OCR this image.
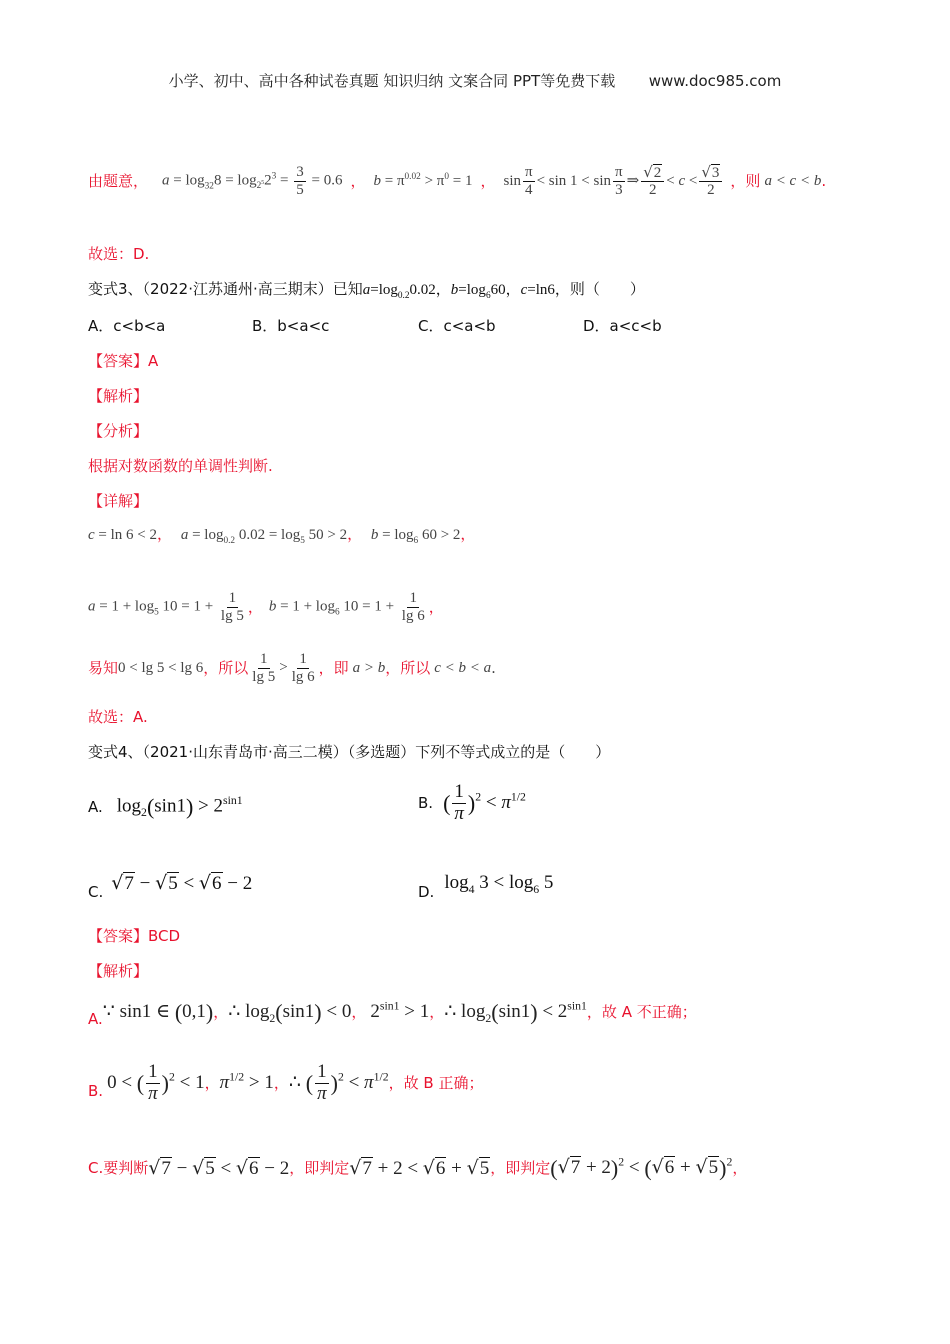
小学、初中、高中各种试卷真题 知识归纳 文案合同 PPT等免费下载 www.doc985.com
由题意， $a = \log_{32}8 = \log_{2^5}2^3 = \frac{3}{5} = 0.6$ ， $b = \pi^{0.02} > \pi^0 = 1$ ， $\sin \frac{\pi}{4} < \sin 1 < \sin \frac{\pi}{3}$ ⇒ $\frac{√2}{2} < c < \frac{√3}{2}$ ，则 a < c < b .
故选：D.
变式3、（2022·江苏通州·高三期末）已知$a=\log_{0.2}0.02$，$b=\log_660$，c=ln6，则（　　）
A．c<b<a	B．b<a<c	C．c<a<b	D．a<c<b
【答案】A
【解析】
【分析】
根据对数函数的单调性判断.
【详解】
c = ln 6 < 2， $a = \log_{0.2} 0.02 = \log_5 50 > 2$， $b = \log_6 60 > 2$，
$a = 1 + \log_5 10 = 1 + \frac{1}{\lg 5}$ ， $b = 1 + \log_6 10 = 1 + \frac{1}{\lg 6}$ ，
易知 0 < lg 5 < lg 6 ，所以 $\frac{1}{\lg 5} > \frac{1}{\lg 6}$ ，即 a > b ，所以 c < b < a .
故选：A.
变式4、（2021·山东青岛市·高三二模）（多选题）下列不等式成立的是（　　）
A. $\log_2(\sin 1) > 2^{sin1}$	B. ( $\frac{1}{\pi} )^2 < \pi^{1/2}$
C. √7 − √5 < √6 − 2	D. $\log_4 3 < \log_6 5$
【答案】BCD
【解析】
A. ∵ sin1 ∈ (0,1) ， ∴ $\log_2(\sin 1) < 0$ ， $2^{sin1} > 1$ ， ∴ $\log_2(\sin 1) < 2^{sin1}$ ，故 A 不正确；
B. 0 < ( $\frac{1}{\pi} )^2 < 1$ ， $\pi^{1/2} > 1$ ， ∴ ( $\frac{1}{\pi} )^2 < \pi^{1/2}$ ，故 B 正确；
C.要判断 √7 − √5 < √6 − 2 ，即判定 √7 + 2 < √6 + √5 ，即判定 $(√7 + 2)^2 < (√6 + √5)^2$ ，
